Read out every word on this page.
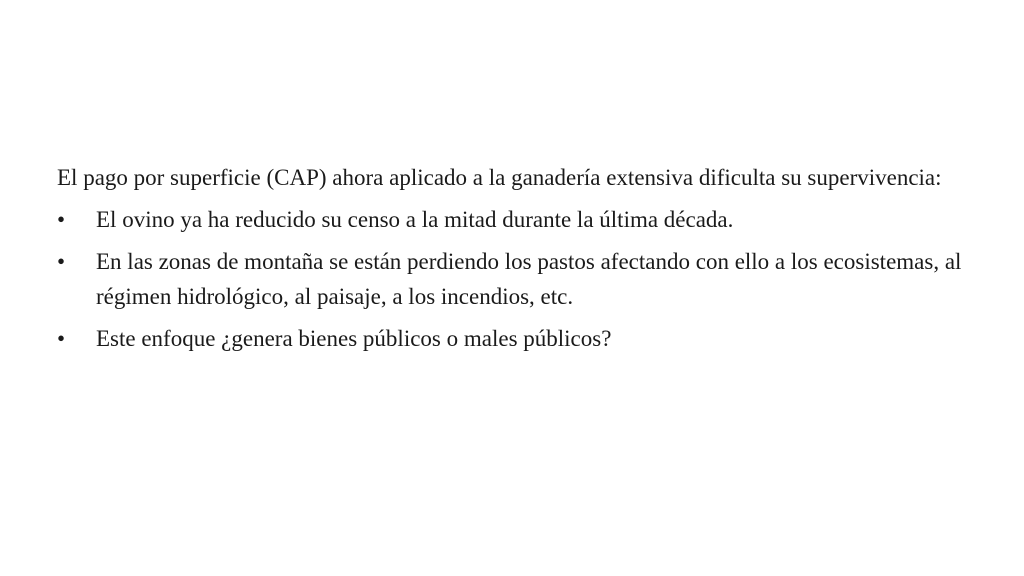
El pago por superficie (CAP) ahora aplicado a la ganadería extensiva dificulta su supervivencia:

•	El ovino ya ha reducido su censo a la mitad durante la última década.
•	En las zonas de montaña se están perdiendo los pastos afectando con ello a los ecosistemas, al régimen hidrológico, al paisaje, a los incendios, etc.
•	Este enfoque ¿genera bienes públicos o males públicos?
